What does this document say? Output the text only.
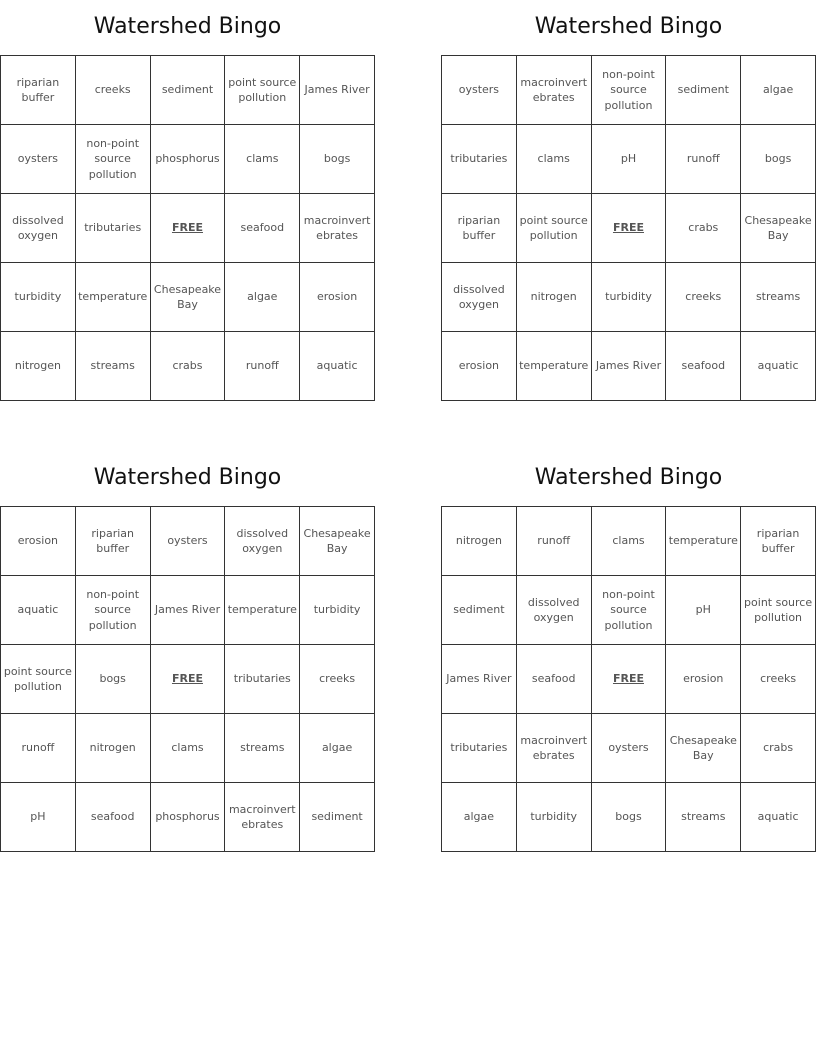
Watershed Bingo
riparian buffer	creeks	sediment	point source pollution	James River
oysters	non-point source pollution	phosphorus	clams	bogs
dissolved oxygen	tributaries	FREE	seafood	macroinvertebrates
turbidity	temperature	Chesapeake Bay	algae	erosion
nitrogen	streams	crabs	runoff	aquatic
Watershed Bingo
oysters	macroinvertebrates	non-point source pollution	sediment	algae
tributaries	clams	pH	runoff	bogs
riparian buffer	point source pollution	FREE	crabs	Chesapeake Bay
dissolved oxygen	nitrogen	turbidity	creeks	streams
erosion	temperature	James River	seafood	aquatic
Watershed Bingo
erosion	riparian buffer	oysters	dissolved oxygen	Chesapeake Bay
aquatic	non-point source pollution	James River	temperature	turbidity
point source pollution	bogs	FREE	tributaries	creeks
runoff	nitrogen	clams	streams	algae
pH	seafood	phosphorus	macroinvertebrates	sediment
Watershed Bingo
nitrogen	runoff	clams	temperature	riparian buffer
sediment	dissolved oxygen	non-point source pollution	pH	point source pollution
James River	seafood	FREE	erosion	creeks
tributaries	macroinvertebrates	oysters	Chesapeake Bay	crabs
algae	turbidity	bogs	streams	aquatic
